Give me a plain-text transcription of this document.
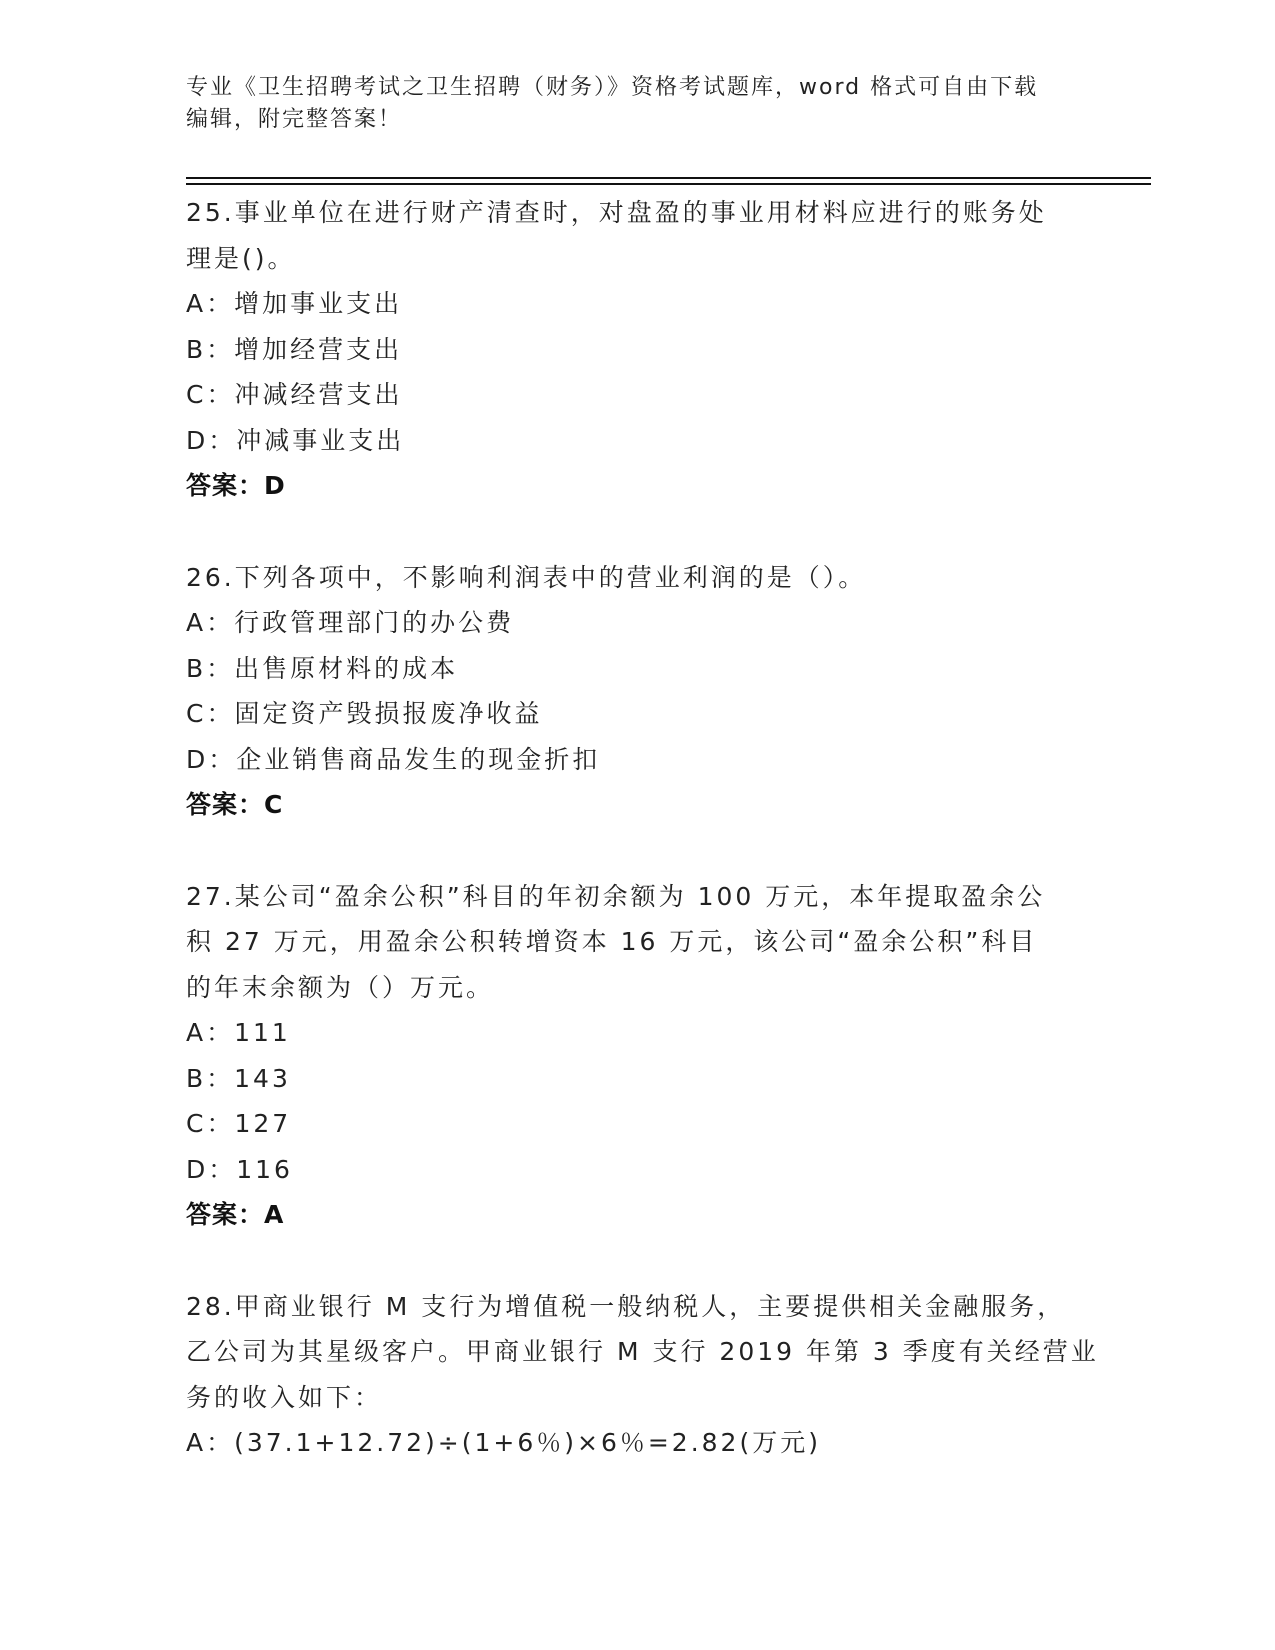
专业《卫生招聘考试之卫生招聘（财务）》资格考试题库，word 格式可自由下载
编辑，附完整答案！
25.事业单位在进行财产清查时，对盘盈的事业用材料应进行的账务处
理是()。
A：增加事业支出
B：增加经营支出
C：冲减经营支出
D：冲减事业支出
答案：D
26.下列各项中，不影响利润表中的营业利润的是（）。
A：行政管理部门的办公费
B：出售原材料的成本
C：固定资产毁损报废净收益
D：企业销售商品发生的现金折扣
答案：C
27.某公司“盈余公积”科目的年初余额为 100 万元，本年提取盈余公
积 27 万元，用盈余公积转增资本 16 万元，该公司“盈余公积”科目
的年末余额为（）万元。
A：111
B：143
C：127
D：116
答案：A
28.甲商业银行 M 支行为增值税一般纳税人，主要提供相关金融服务，
乙公司为其星级客户。甲商业银行 M 支行 2019 年第 3 季度有关经营业
务的收入如下：
A：(37.1+12.72)÷(1+6％)×6％=2.82(万元)
